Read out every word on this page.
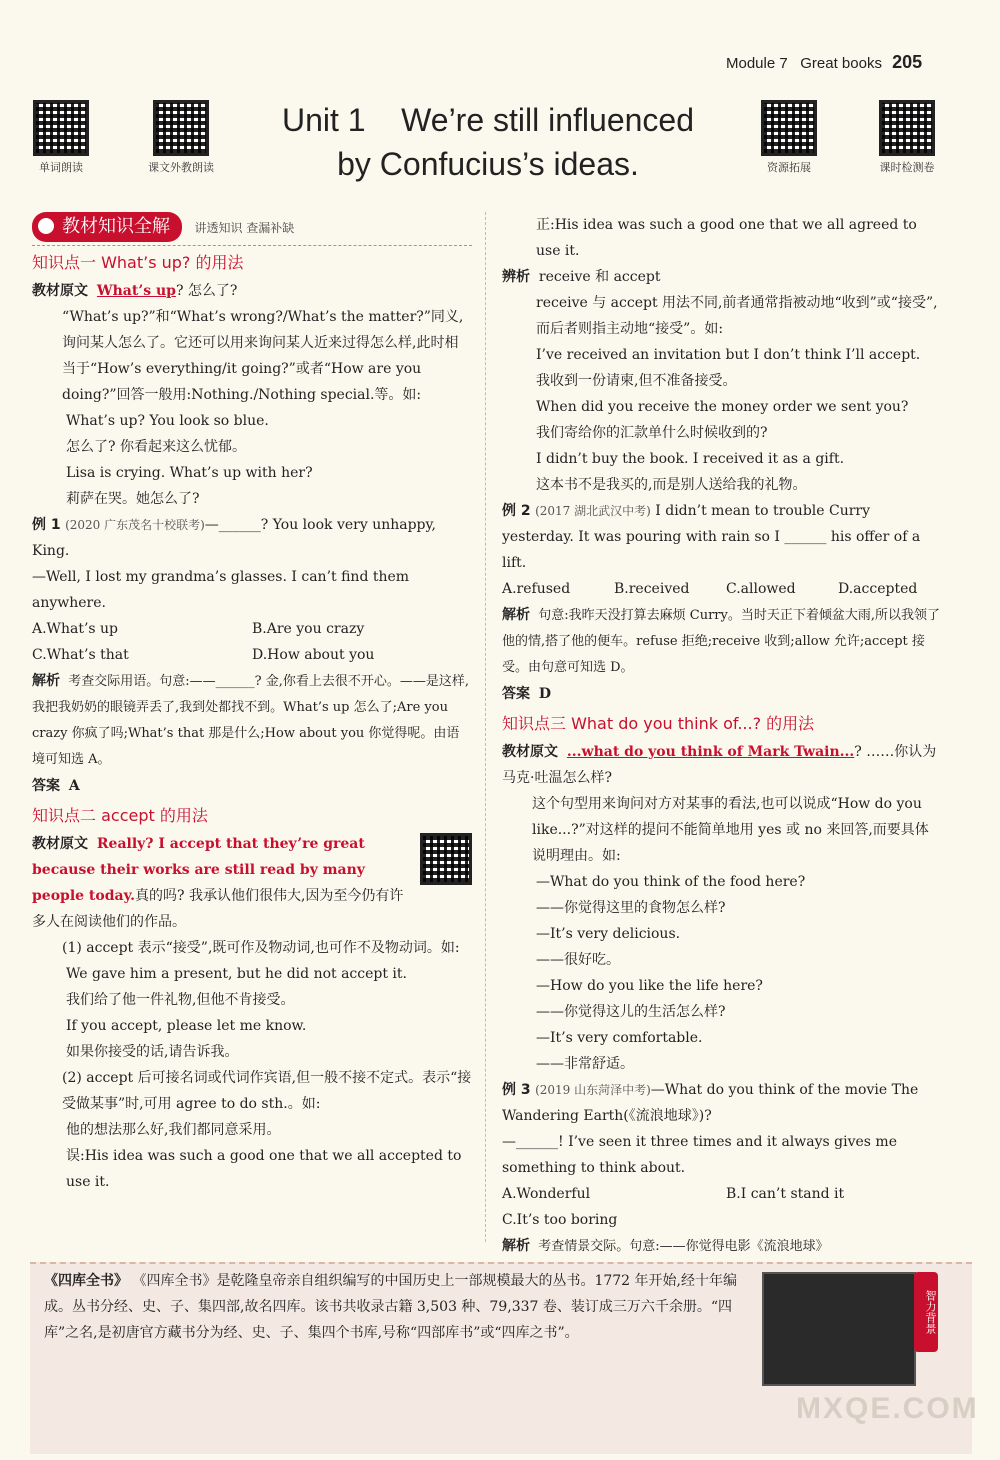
Module 7 Great books 205
单词朗读	课文外教朗读	资源拓展	课时检测卷
Unit 1    We’re still influenced
by Confucius’s ideas.
教材知识全解 讲透知识 查漏补缺
知识点一 What’s up? 的用法

教材原文 What’s up? 怎么了?

“What’s up?”和“What’s wrong?/What’s the matter?”同义,询问某人怎么了。它还可以用来询问某人近来过得怎么样,此时相当于“How’s everything/it going?”或者“How are you doing?”回答一般用:Nothing./Nothing special.等。如:

What’s up? You look so blue.

怎么了? 你看起来这么忧郁。

Lisa is crying. What’s up with her?

莉萨在哭。她怎么了?

例 1 (2020 广东茂名十校联考)—______? You look very unhappy, King.

—Well, I lost my grandma’s glasses. I can’t find them anywhere.

A.What’s up	B.Are you crazy

C.What’s that	D.How about you

解析 考查交际用语。句意:——______? 金,你看上去很不开心。——是这样,我把我奶奶的眼镜弄丢了,我到处都找不到。What’s up 怎么了;Are you crazy 你疯了吗;What’s that 那是什么;How about you 你觉得呢。由语境可知选 A。

答案 A

知识点二 accept 的用法

教材原文 Really? I accept that they’re great because their works are still read by many people today.真的吗? 我承认他们很伟大,因为至今仍有许多人在阅读他们的作品。

(1) accept 表示“接受”,既可作及物动词,也可作不及物动词。如:

We gave him a present, but he did not accept it.

我们给了他一件礼物,但他不肯接受。

If you accept, please let me know.

如果你接受的话,请告诉我。

(2) accept 后可接名词或代词作宾语,但一般不接不定式。表示“接受做某事”时,可用 agree to do sth.。如:

他的想法那么好,我们都同意采用。

误:His idea was such a good one that we all accepted to use it.

正:His idea was such a good one that we all agreed to use it.

辨析 receive 和 accept

receive 与 accept 用法不同,前者通常指被动地“收到”或“接受”,而后者则指主动地“接受”。如:

I’ve received an invitation but I don’t think I’ll accept.

我收到一份请柬,但不准备接受。

When did you receive the money order we sent you?

我们寄给你的汇款单什么时候收到的?

I didn’t buy the book. I received it as a gift.

这本书不是我买的,而是别人送给我的礼物。

例 2 (2017 湖北武汉中考) I didn’t mean to trouble Curry yesterday. It was pouring with rain so I ______ his offer of a lift.

A.refused	B.received	C.allowed	D.accepted

解析 句意:我昨天没打算去麻烦 Curry。当时天正下着倾盆大雨,所以我领了他的情,搭了他的便车。refuse 拒绝;receive 收到;allow 允许;accept 接受。由句意可知选 D。

答案 D

知识点三 What do you think of...? 的用法

教材原文 ...what do you think of Mark Twain...? ……你认为马克·吐温怎么样?

这个句型用来询问对方对某事的看法,也可以说成“How do you like...?”对这样的提问不能简单地用 yes 或 no 来回答,而要具体说明理由。如:

—What do you think of the food here?

——你觉得这里的食物怎么样?

—It’s very delicious.

——很好吃。

—How do you like the life here?

——你觉得这儿的生活怎么样?

—It’s very comfortable.

——非常舒适。

例 3 (2019 山东菏泽中考)—What do you think of the movie The Wandering Earth(《流浪地球》)?

—______! I’ve seen it three times and it always gives me something to think about.

A.Wonderful	B.I can’t stand it

C.It’s too boring

解析 考查情景交际。句意:——你觉得电影《流浪地球》

《四库全书》 《四库全书》是乾隆皇帝亲自组织编写的中国历史上一部规模最大的丛书。1772 年开始,经十年编成。丛书分经、史、子、集四部,故名四库。该书共收录古籍 3,503 种、79,337 卷、装订成三万六千余册。“四库”之名,是初唐官方藏书分为经、史、子、集四个书库,号称“四部库书”或“四库之书”。	智力背景
MXQE.COM
